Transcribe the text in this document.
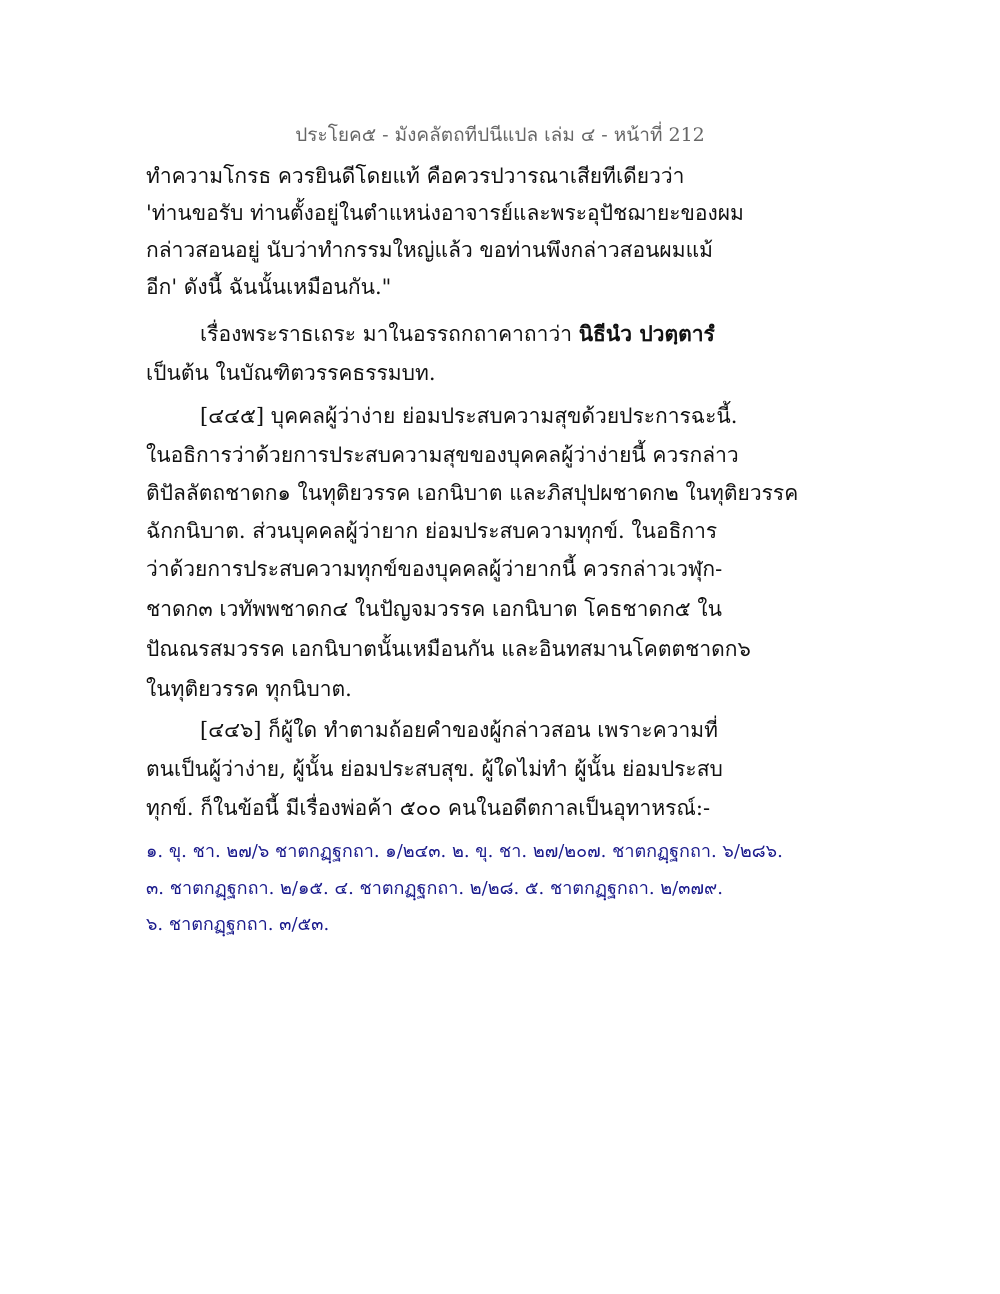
ประโยค๕ - มังคลัตถทีปนีแปล เล่ม ๔ - หน้าที่ 212
ทำความโกรธ ควรยินดีโดยแท้ คือควรปวารณาเสียทีเดียวว่า
'ท่านขอรับ ท่านตั้งอยู่ในตำแหน่งอาจารย์และพระอุปัชฌายะของผม
กล่าวสอนอยู่ นับว่าทำกรรมใหญ่แล้ว ขอท่านพึงกล่าวสอนผมแม้
อีก' ดังนี้ ฉันนั้นเหมือนกัน."
เรื่องพระราธเถระ มาในอรรถกถาคาถาว่า นิธีนํว ปวตฺตารํ
เป็นต้น ในบัณฑิตวรรคธรรมบท.
[๔๔๕] บุคคลผู้ว่าง่าย ย่อมประสบความสุขด้วยประการฉะนี้.
ในอธิการว่าด้วยการประสบความสุขของบุคคลผู้ว่าง่ายนี้ ควรกล่าว
ติปัลลัตถชาดก๑ ในทุติยวรรค เอกนิบาต และภิสปุปผชาดก๒ ในทุติยวรรค
ฉักกนิบาต. ส่วนบุคคลผู้ว่ายาก ย่อมประสบความทุกข์. ในอธิการ
ว่าด้วยการประสบความทุกข์ของบุคคลผู้ว่ายากนี้ ควรกล่าวเวฬุก-
ชาดก๓ เวทัพพชาดก๔ ในปัญจมวรรค เอกนิบาต โคธชาดก๕ ใน
ปัณณรสมวรรค เอกนิบาตนั้นเหมือนกัน และอินทสมานโคตตชาดก๖
ในทุติยวรรค ทุกนิบาต.
[๔๔๖] ก็ผู้ใด ทำตามถ้อยคำของผู้กล่าวสอน เพราะความที่
ตนเป็นผู้ว่าง่าย, ผู้นั้น ย่อมประสบสุข. ผู้ใดไม่ทำ ผู้นั้น ย่อมประสบ
ทุกข์. ก็ในข้อนี้ มีเรื่องพ่อค้า ๕๐๐ คนในอดีตกาลเป็นอุทาหรณ์:-
๑. ขุ. ชา. ๒๗/๖ ชาตกฏฺฐกถา. ๑/๒๔๓. ๒. ขุ. ชา. ๒๗/๒๐๗. ชาตกฏฺฐกถา. ๖/๒๘๖.
๓. ชาตกฏฺฐกถา. ๒/๑๕. ๔. ชาตกฏฺฐกถา. ๒/๒๘. ๕. ชาตกฏฺฐกถา. ๒/๓๗๙.
๖. ชาตกฏฺฐกถา. ๓/๕๓.
